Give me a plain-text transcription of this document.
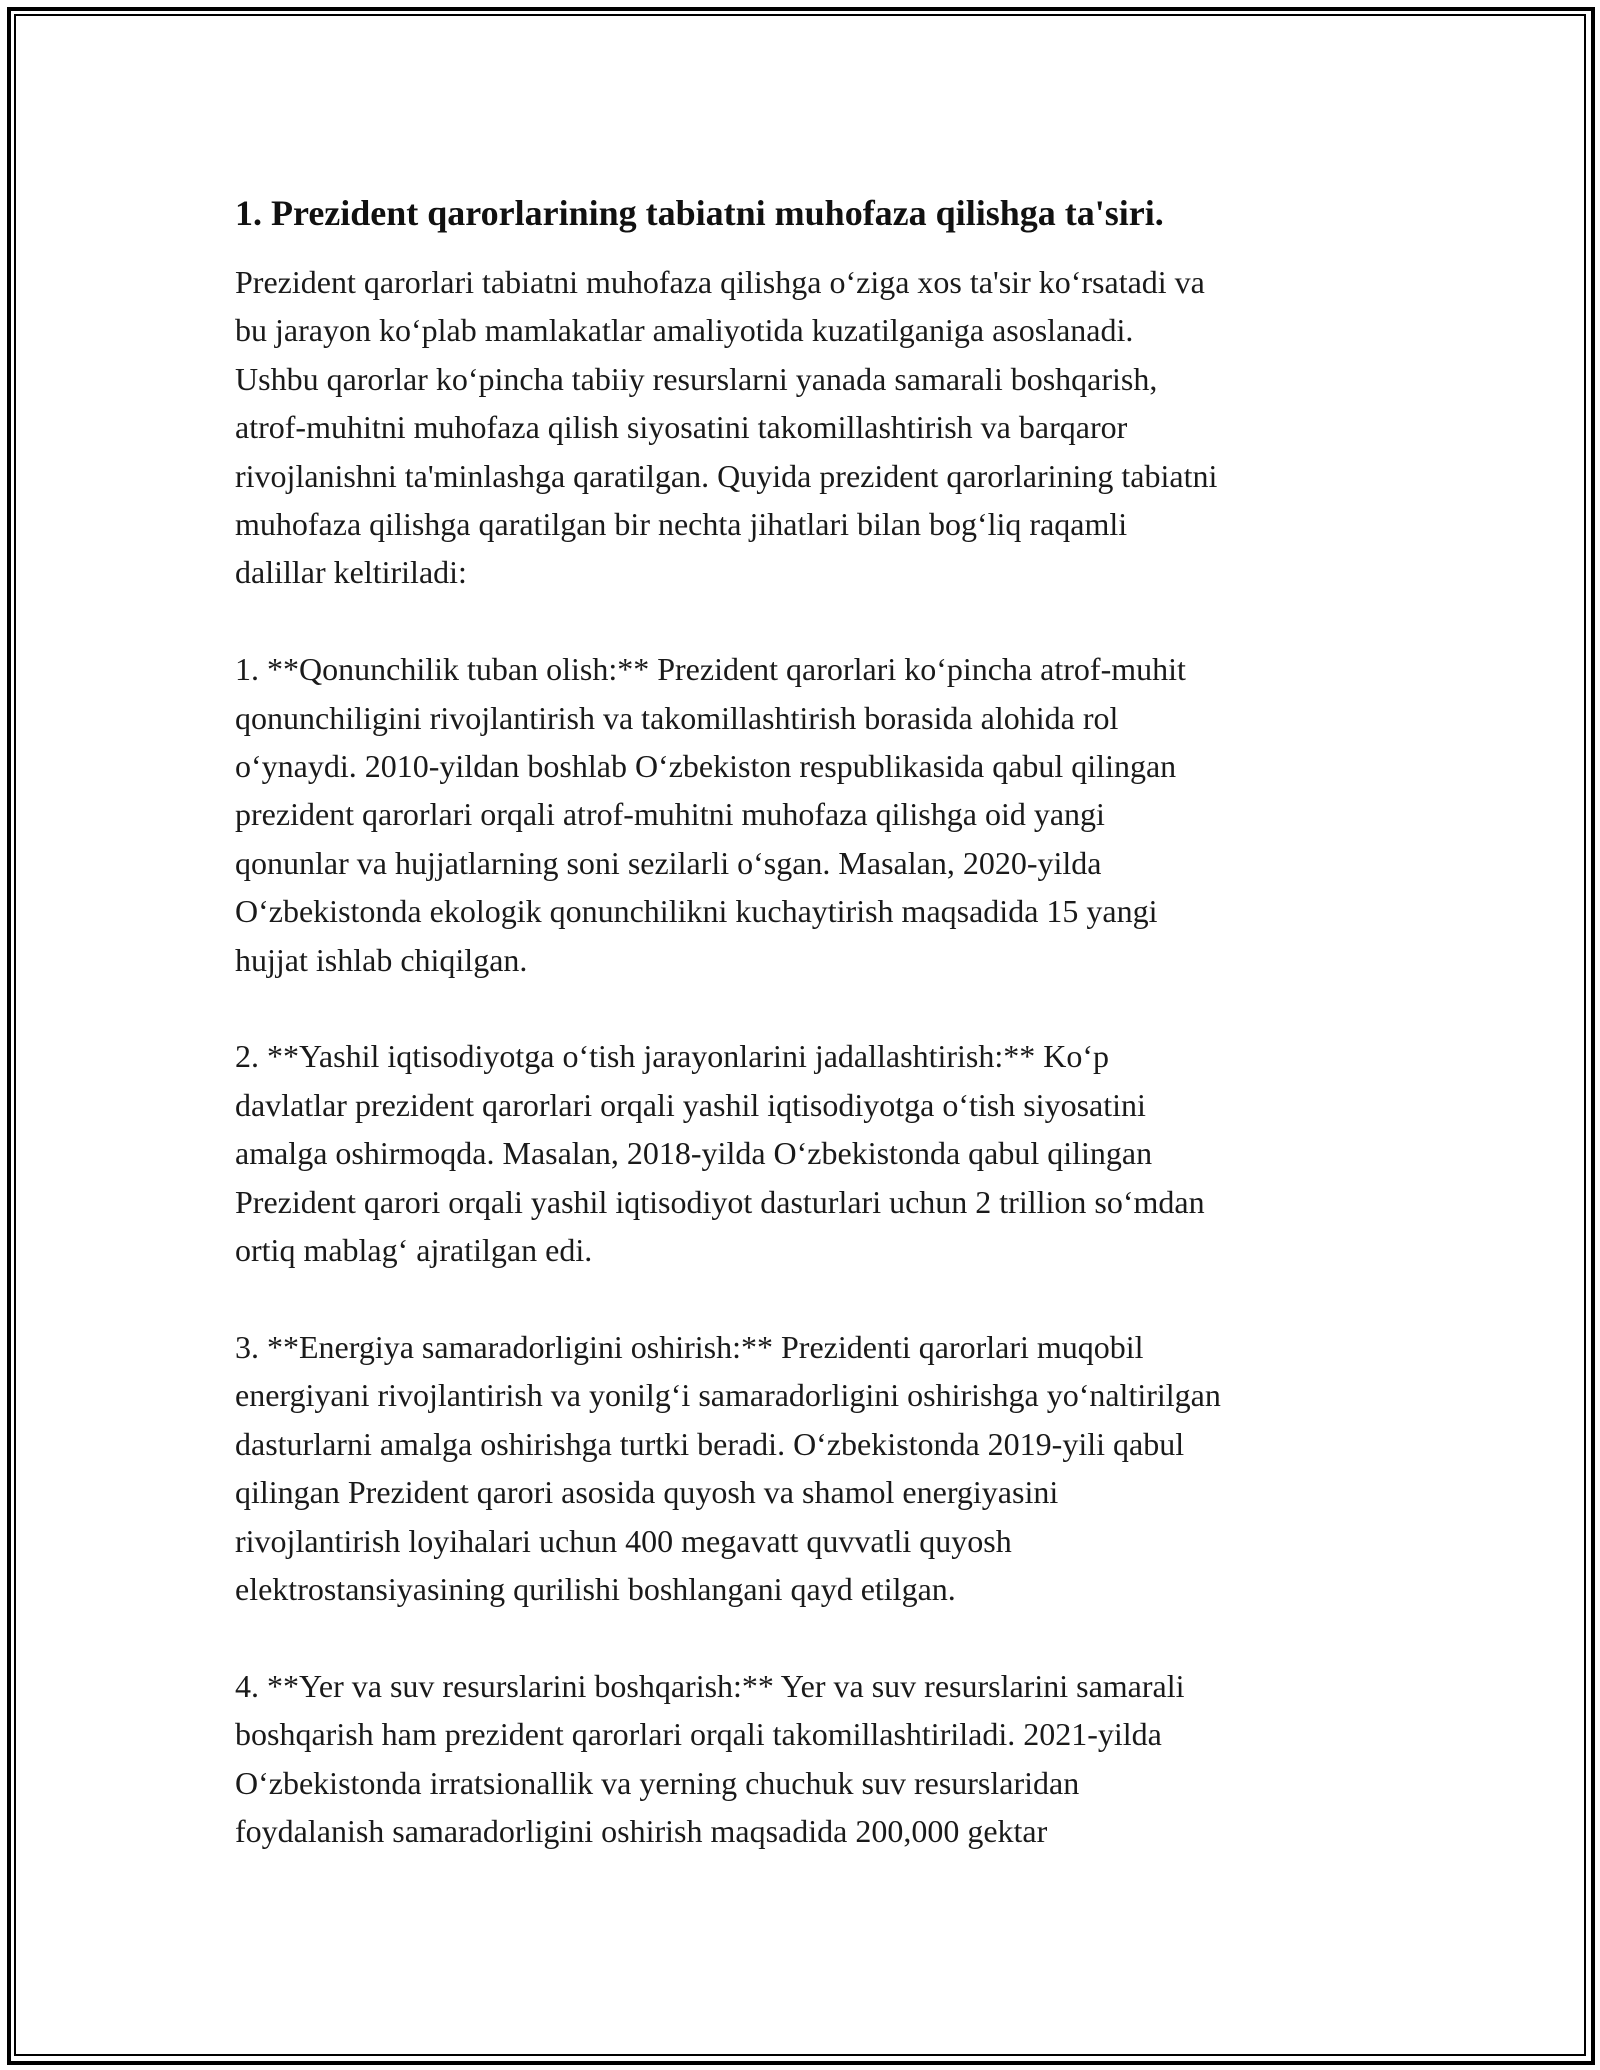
1. Prezident qarorlarining tabiatni muhofaza qilishga ta'siri.

Prezident qarorlari tabiatni muhofaza qilishga o‘ziga xos ta'sir ko‘rsatadi va
bu jarayon ko‘plab mamlakatlar amaliyotida kuzatilganiga asoslanadi.
Ushbu qarorlar ko‘pincha tabiiy resurslarni yanada samarali boshqarish,
atrof-muhitni muhofaza qilish siyosatini takomillashtirish va barqaror
rivojlanishni ta'minlashga qaratilgan. Quyida prezident qarorlarining tabiatni
muhofaza qilishga qaratilgan bir nechta jihatlari bilan bog‘liq raqamli
dalillar keltiriladi:

1. **Qonunchilik tuban olish:** Prezident qarorlari ko‘pincha atrof-muhit
qonunchiligini rivojlantirish va takomillashtirish borasida alohida rol
o‘ynaydi. 2010-yildan boshlab O‘zbekiston respublikasida qabul qilingan
prezident qarorlari orqali atrof-muhitni muhofaza qilishga oid yangi
qonunlar va hujjatlarning soni sezilarli o‘sgan. Masalan, 2020-yilda
O‘zbekistonda ekologik qonunchilikni kuchaytirish maqsadida 15 yangi
hujjat ishlab chiqilgan.

2. **Yashil iqtisodiyotga o‘tish jarayonlarini jadallashtirish:** Ko‘p
davlatlar prezident qarorlari orqali yashil iqtisodiyotga o‘tish siyosatini
amalga oshirmoqda. Masalan, 2018-yilda O‘zbekistonda qabul qilingan
Prezident qarori orqali yashil iqtisodiyot dasturlari uchun 2 trillion so‘mdan
ortiq mablag‘ ajratilgan edi.

3. **Energiya samaradorligini oshirish:** Prezidenti qarorlari muqobil
energiyani rivojlantirish va yonilg‘i samaradorligini oshirishga yo‘naltirilgan
dasturlarni amalga oshirishga turtki beradi. O‘zbekistonda 2019-yili qabul
qilingan Prezident qarori asosida quyosh va shamol energiyasini
rivojlantirish loyihalari uchun 400 megavatt quvvatli quyosh
elektrostansiyasining qurilishi boshlangani qayd etilgan.

4. **Yer va suv resurslarini boshqarish:** Yer va suv resurslarini samarali
boshqarish ham prezident qarorlari orqali takomillashtiriladi. 2021-yilda
O‘zbekistonda irratsionallik va yerning chuchuk suv resurslaridan
foydalanish samaradorligini oshirish maqsadida 200,000 gektar
